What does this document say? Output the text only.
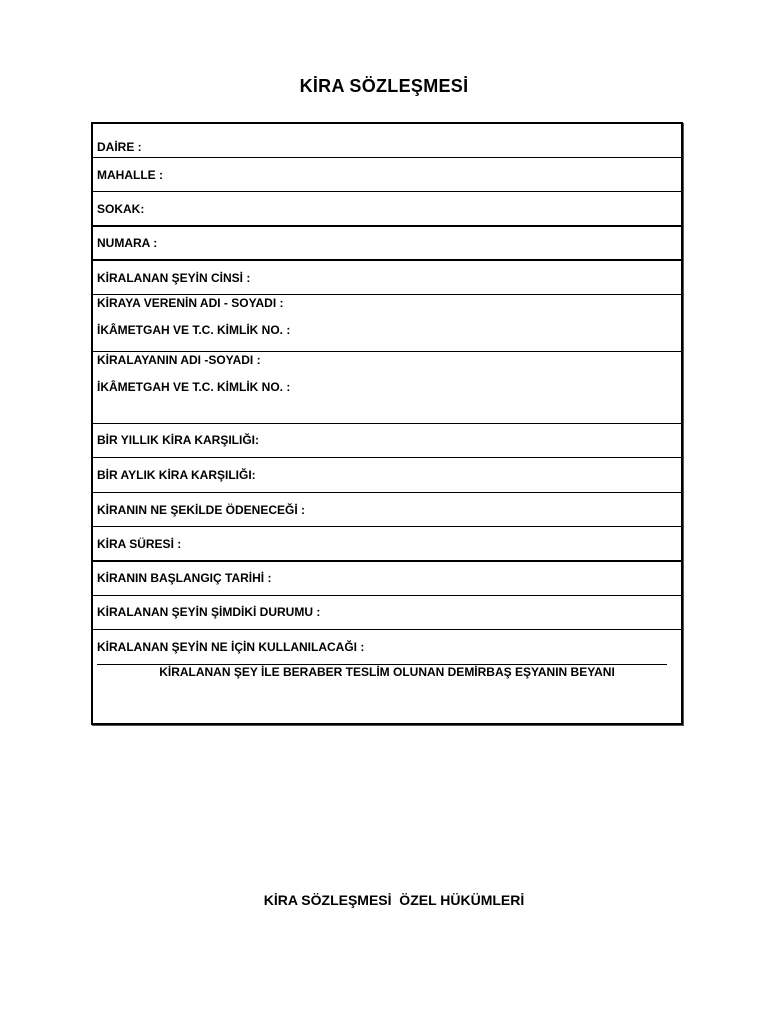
KİRA SÖZLEŞMESİ
DAİRE :
MAHALLE :
SOKAK:
NUMARA :
KİRALANAN ŞEYİN CİNSİ :
KİRAYA VERENİN ADI - SOYADI :
İKÂMETGAH VE T.C. KİMLİK NO. :
KİRALAYANIN ADI -SOYADI :
İKÂMETGAH VE T.C. KİMLİK NO. :
BİR YILLIK KİRA KARŞILIĞI:
BİR AYLIK KİRA KARŞILIĞI:
KİRANIN NE ŞEKİLDE ÖDENECEĞİ :
KİRA SÜRESİ :
KİRANIN BAŞLANGIÇ TARİHİ :
KİRALANAN ŞEYİN ŞİMDİKİ DURUMU :
KİRALANAN ŞEYİN NE İÇİN KULLANILACAĞI :
KİRALANAN ŞEY İLE BERABER TESLİM OLUNAN DEMİRBAŞ EŞYANIN BEYANI
KİRA SÖZLEŞMESİ  ÖZEL HÜKÜMLERİ
